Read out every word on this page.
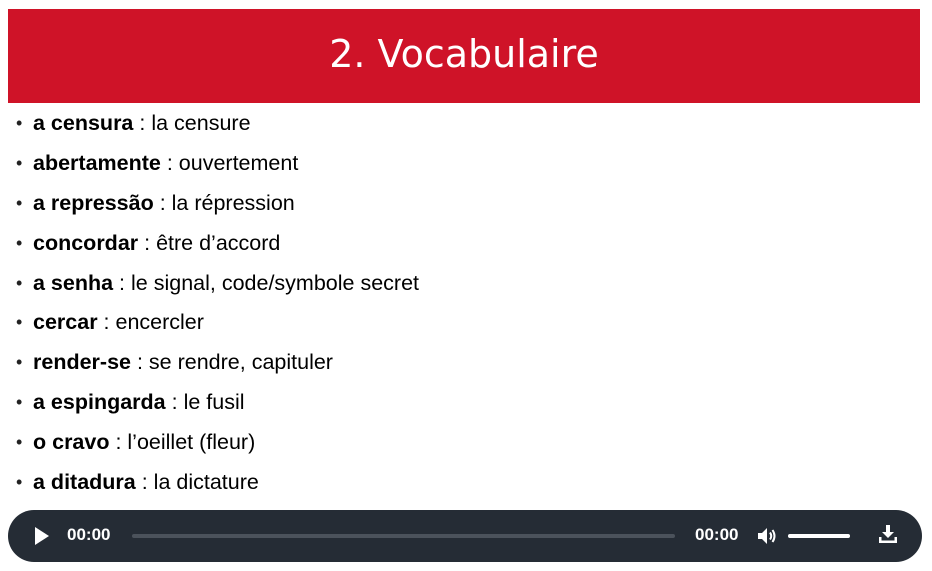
2. Vocabulaire
• a censura : la censure
• abertamente : ouvertement
• a repressão : la répression
• concordar : être d’accord
• a senha : le signal, code/symbole secret
• cercar : encercler
• render-se : se rendre, capituler
• a espingarda : le fusil
• o cravo : l’oeillet (fleur)
• a ditadura : la dictature
00:00	00:00
